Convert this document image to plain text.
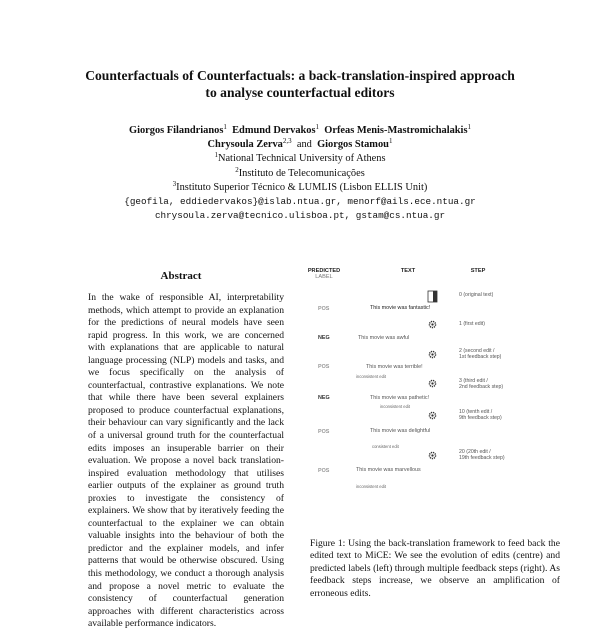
Counterfactuals of Counterfactuals: a back-translation-inspired approach
to analyse counterfactual editors
Giorgos Filandrianos$^1$ Edmund Dervakos$^1$ Orfeas Menis-Mastromichalakis$^1$
Chrysoula Zerva$^{2,3}$ and Giorgos Stamou$^1$
$^1$National Technical University of Athens
$^2$Instituto de Telecomunicações
$^3$Instituto Superior Técnico & LUMLIS (Lisbon ELLIS Unit)
{geofila, eddiedervakos}@islab.ntua.gr, menorf@ails.ece.ntua.gr
chrysoula.zerva@tecnico.ulisboa.pt, gstam@cs.ntua.gr
Abstract
In the wake of responsible AI, interpretability methods, which attempt to provide an explanation for the predictions of neural models have seen rapid progress. In this work, we are concerned with explanations that are applicable to natural language processing (NLP) models and tasks, and we focus specifically on the analysis of counterfactual, contrastive explanations. We note that while there have been several explainers proposed to produce counterfactual explanations, their behaviour can vary significantly and the lack of a universal ground truth for the counterfactual edits imposes an insuperable barrier on their evaluation. We propose a novel back translation-inspired evaluation methodology that utilises earlier outputs of the explainer as ground truth proxies to investigate the consistency of explainers. We show that by iteratively feeding the counterfactual to the explainer we can obtain valuable insights into the behaviour of both the predictor and the explainer models, and infer patterns that would be otherwise obscured. Using this methodology, we conduct a thorough analysis and propose a novel metric to evaluate the consistency of counterfactual generation approaches with different characteristics across available performance indicators.
PREDICTED
LABEL
TEXT	STEP
POS
NEG
POS
NEG
POS
POS
This movie was fantastic!
This movie was awful
This movie was terrible!
This movie was pathetic!
This movie was delightful
This movie was marvellous
inconsistent edit
inconsistent edit
consistent edit
inconsistent edit
0 (original text)
1 (first edit)
2 (second edit /
1st feedback step)
3 (third edit /
2nd feedback step)
10 (tenth edit /
9th feedback step)
20 (20th edit /
19th feedback step)
Figure 1: Using the back-translation framework to feed back the edited text to MiCE: We see the evolution of edits (centre) and predicted labels (left) through multiple feedback steps (right). As feedback steps increase, we observe an amplification of erroneous edits.
